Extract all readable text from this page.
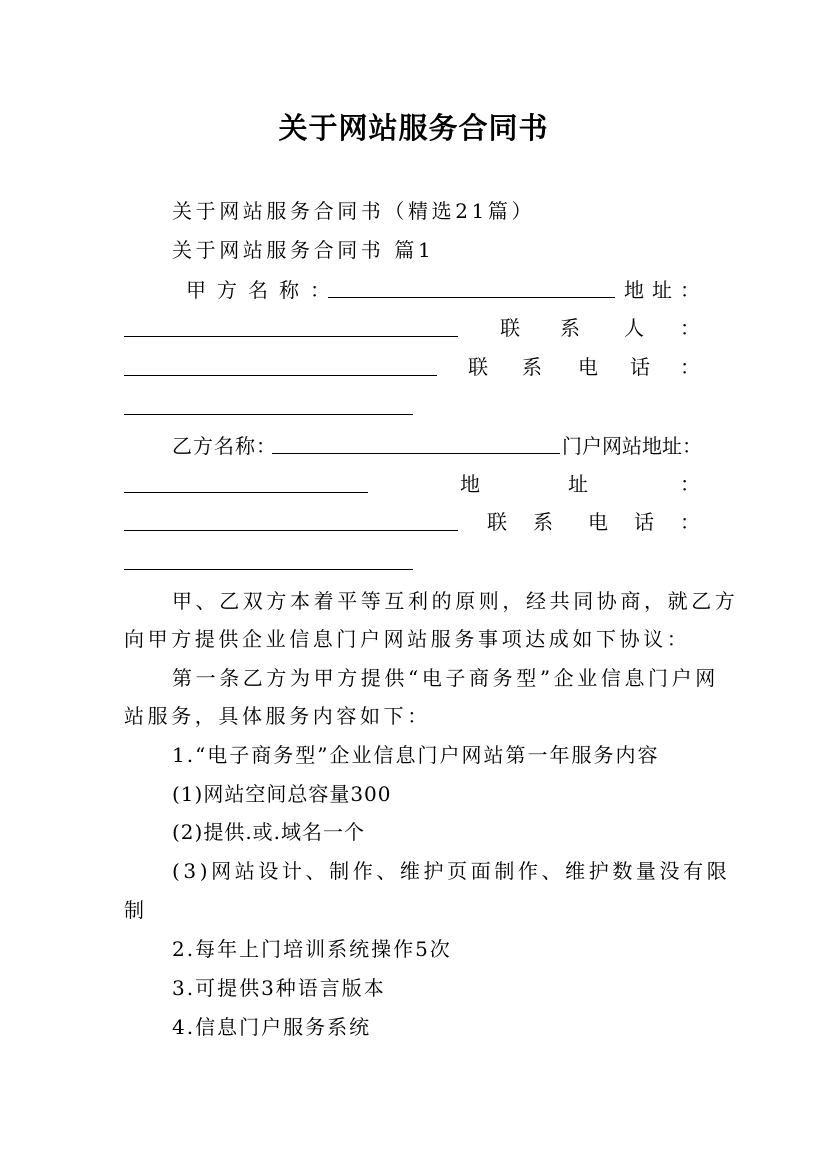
关于网站服务合同书
关于网站服务合同书（精选21篇）
关于网站服务合同书 篇1
甲方名称：	地 址 ：
联 系 人 ：
联 系 电 话 ：
乙方名称：	门户网站地址：
地	址	：
联 系 电 话 ：
甲、乙双方本着平等互利的原则，经共同协商，就乙方
向甲方提供企业信息门户网站服务事项达成如下协议：
第一条乙方为甲方提供“电子商务型”企业信息门户网
站服务，具体服务内容如下：
1.“电子商务型”企业信息门户网站第一年服务内容
(1)网站空间总容量300
(2)提供.或.域名一个
(3)网站设计、制作、维护页面制作、维护数量没有限
制
2.每年上门培训系统操作5次
3.可提供3种语言版本
4.信息门户服务系统
